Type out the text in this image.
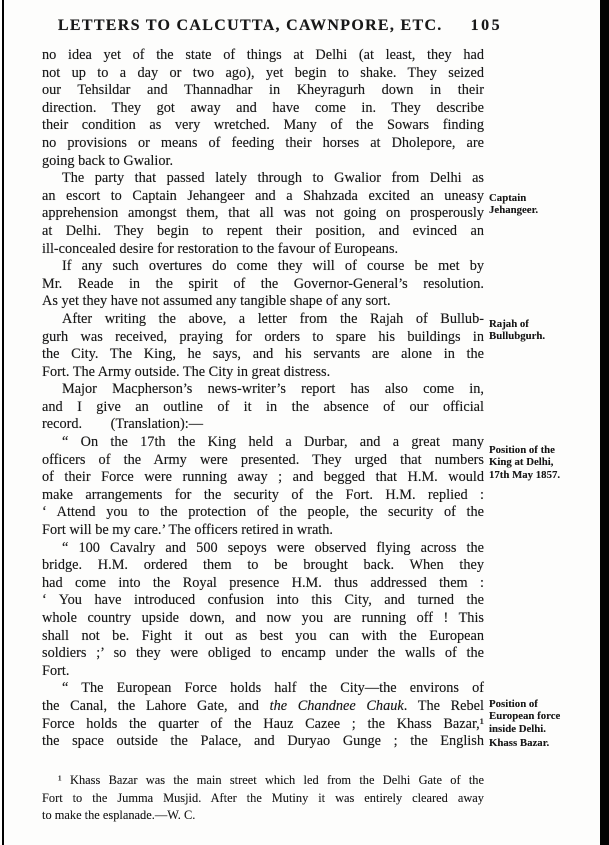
LETTERS TO CALCUTTA, CAWNPORE, ETC. 105
no idea yet of the state of things at Delhi (at least, they had
not up to a day or two ago), yet begin to shake. They seized
our Tehsildar and Thannadhar in Kheyragurh down in their
direction. They got away and have come in. They describe
their condition as very wretched. Many of the Sowars finding
no provisions or means of feeding their horses at Dholepore, are
going back to Gwalior.
The party that passed lately through to Gwalior from Delhi as
an escort to Captain Jehangeer and a Shahzada excited an uneasy
apprehension amongst them, that all was not going on prosperously
at Delhi. They begin to repent their position, and evinced an
ill-concealed desire for restoration to the favour of Europeans.
If any such overtures do come they will of course be met by
Mr. Reade in the spirit of the Governor-General’s resolution.
As yet they have not assumed any tangible shape of any sort.
After writing the above, a letter from the Rajah of Bullub-
gurh was received, praying for orders to spare his buildings in
the City. The King, he says, and his servants are alone in the
Fort. The Army outside. The City in great distress.
Major Macpherson’s news-writer’s report has also come in,
and I give an outline of it in the absence of our official
record.  (Translation):—
“ On the 17th the King held a Durbar, and a great many
officers of the Army were presented. They urged that numbers
of their Force were running away ; and begged that H.M. would
make arrangements for the security of the Fort. H.M. replied :
‘ Attend you to the protection of the people, the security of the
Fort will be my care.’ The officers retired in wrath.
“ 100 Cavalry and 500 sepoys were observed flying across the
bridge. H.M. ordered them to be brought back. When they
had come into the Royal presence H.M. thus addressed them :
‘ You have introduced confusion into this City, and turned the
whole country upside down, and now you are running off ! This
shall not be. Fight it out as best you can with the European
soldiers ;’ so they were obliged to encamp under the walls of the
Fort.
“ The European Force holds half the City—the environs of
the Canal, the Lahore Gate, and the Chandnee Chauk. The Rebel
Force holds the quarter of the Hauz Cazee ; the Khass Bazar,¹
the space outside the Palace, and Duryao Gunge ; the English
Captain Jehangeer.
Rajah of Bullubgurh.
Position of the King at Delhi, 17th May 1857.
Position of European force inside Delhi.
Khass Bazar.
¹ Khass Bazar was the main street which led from the Delhi Gate of the
Fort to the Jumma Musjid. After the Mutiny it was entirely cleared away
to make the esplanade.—W. C.
